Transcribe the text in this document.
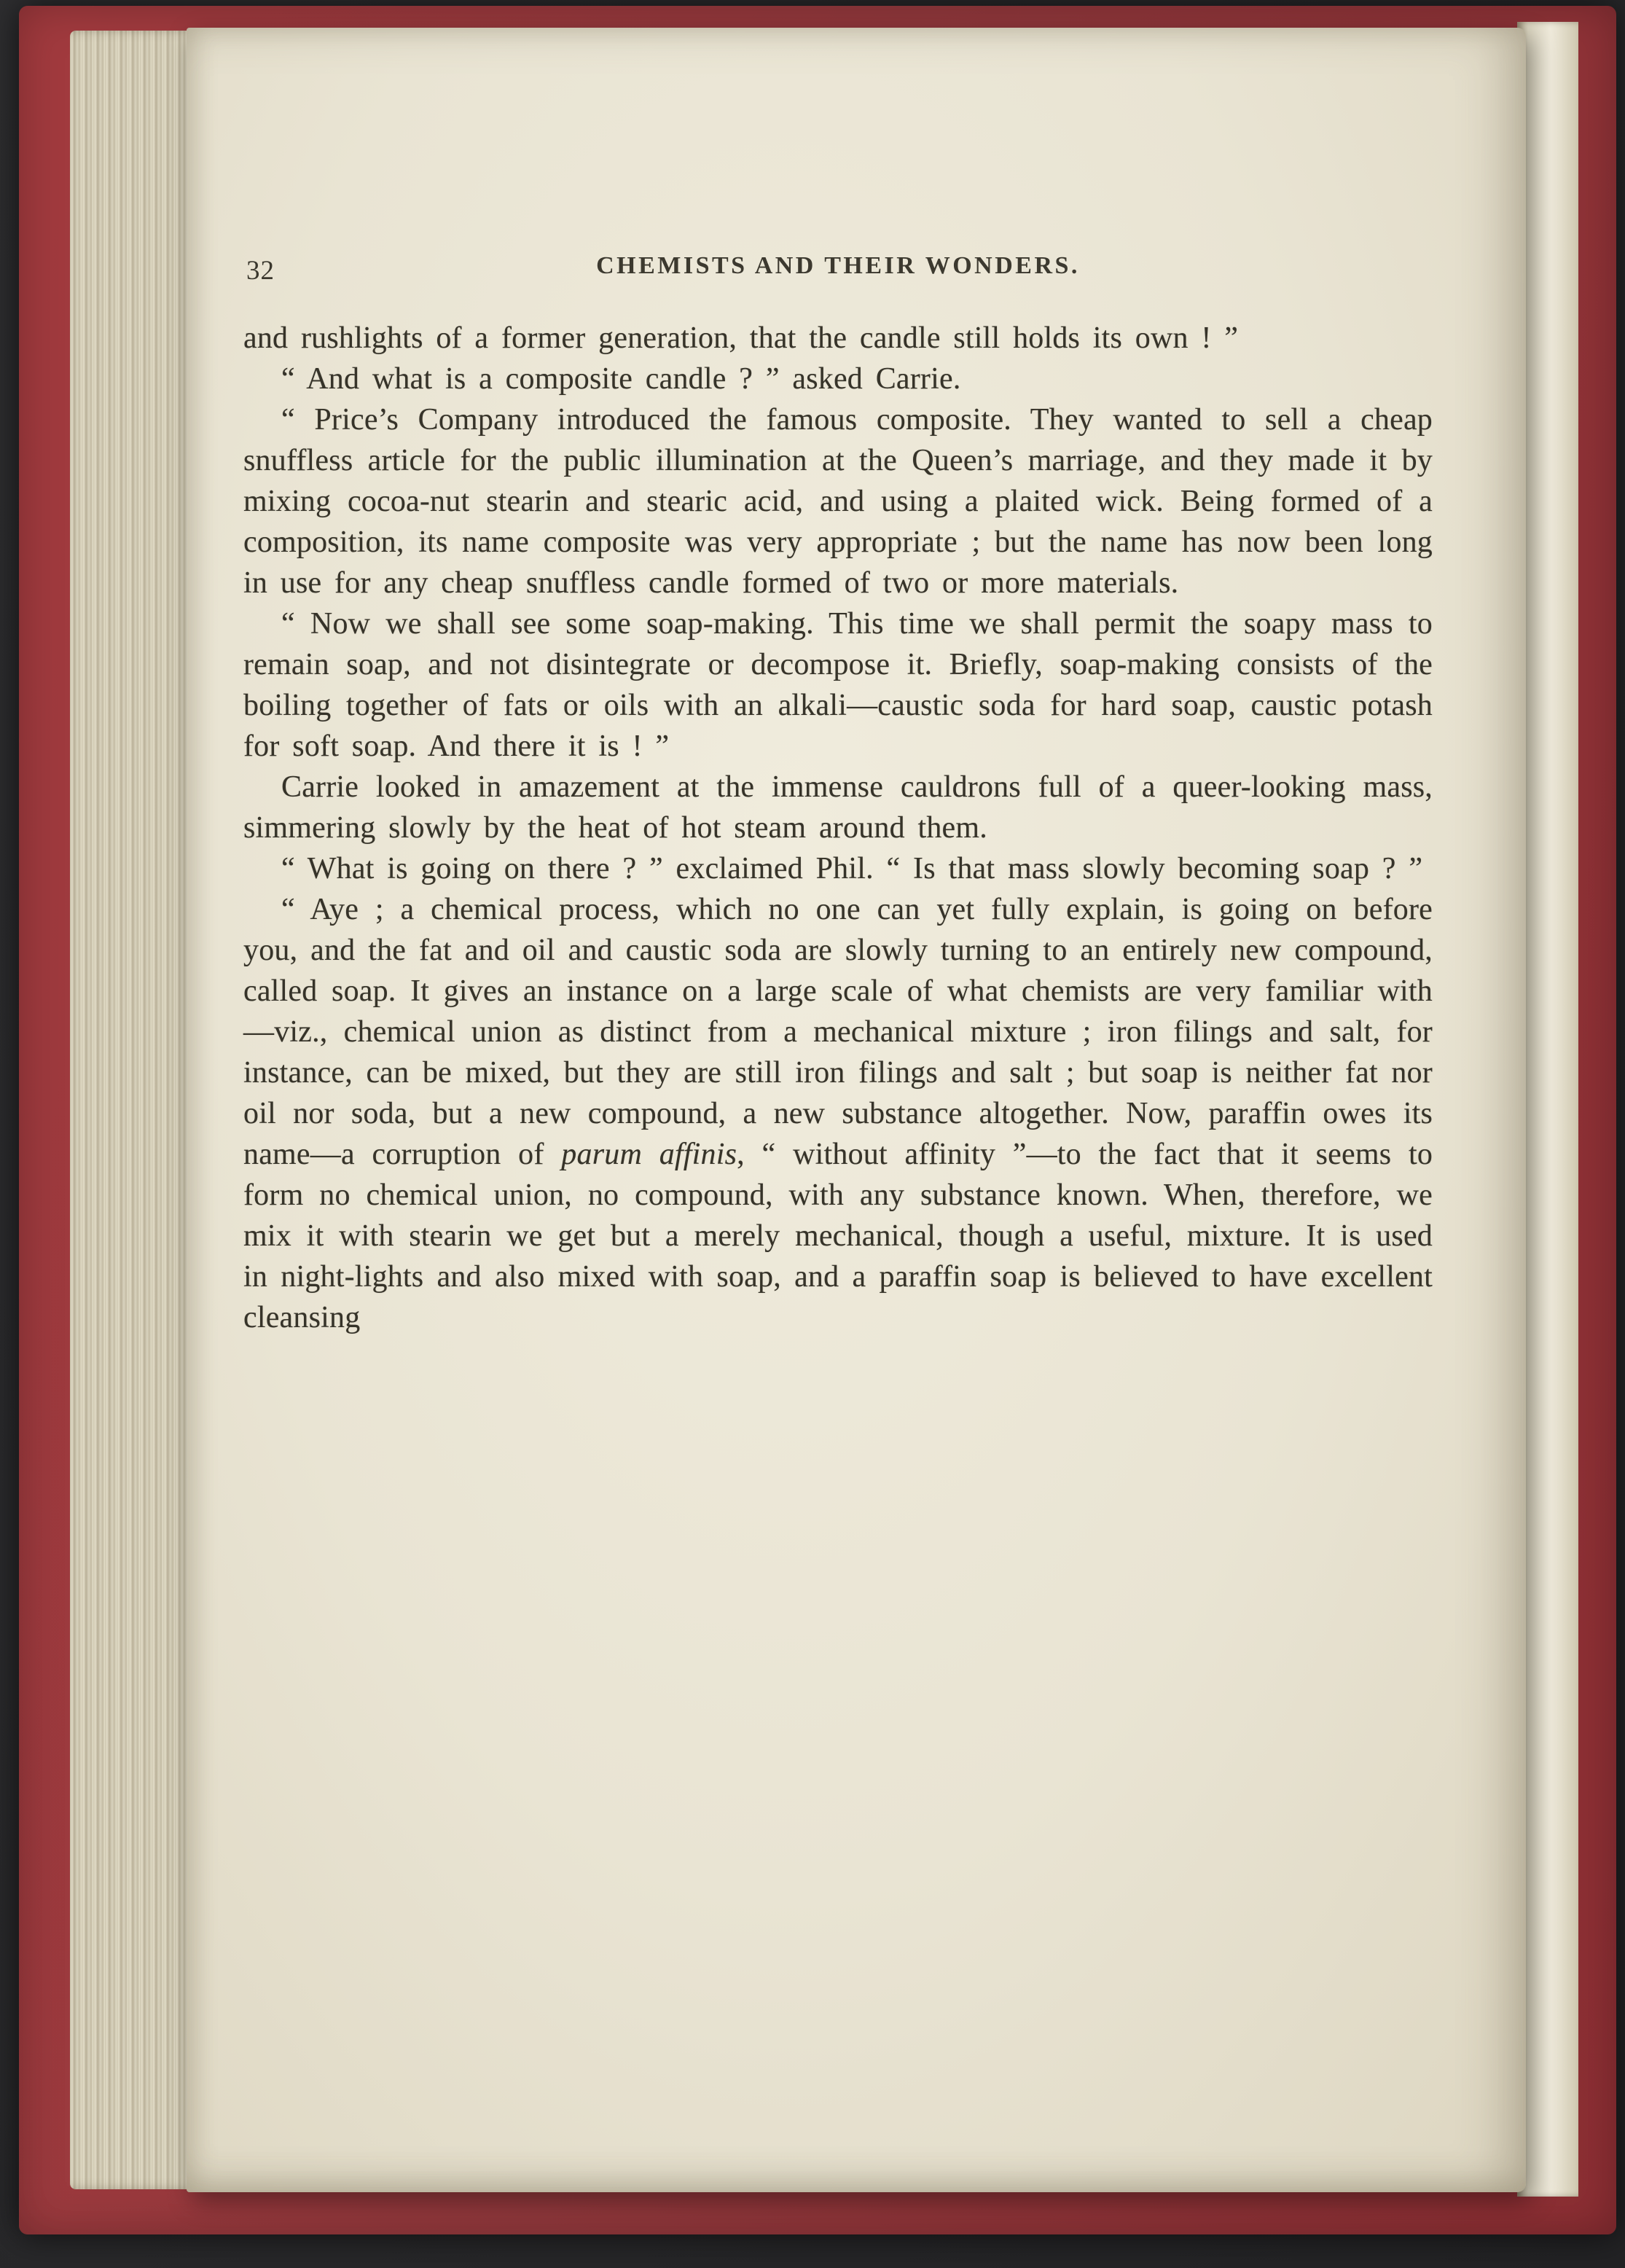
32	CHEMISTS AND THEIR WONDERS.

and rushlights of a former generation, that the candle still holds its own ! ”

“ And what is a composite candle ? ” asked Carrie.

“ Price’s Company introduced the famous composite. They wanted to sell a cheap snuffless article for the public illumination at the Queen’s marriage, and they made it by mixing cocoa-nut stearin and stearic acid, and using a plaited wick. Being formed of a composition, its name composite was very appropriate ; but the name has now been long in use for any cheap snuffless candle formed of two or more materials.

“ Now we shall see some soap-making. This time we shall permit the soapy mass to remain soap, and not disintegrate or decompose it. Briefly, soap-making consists of the boiling together of fats or oils with an alkali—caustic soda for hard soap, caustic potash for soft soap. And there it is ! ”

Carrie looked in amazement at the immense cauldrons full of a queer-looking mass, simmering slowly by the heat of hot steam around them.

“ What is going on there ? ” exclaimed Phil. “ Is that mass slowly becoming soap ? ”

“ Aye ; a chemical process, which no one can yet fully explain, is going on before you, and the fat and oil and caustic soda are slowly turning to an entirely new compound, called soap. It gives an instance on a large scale of what chemists are very familiar with—viz., chemical union as distinct from a mechanical mixture ; iron filings and salt, for instance, can be mixed, but they are still iron filings and salt ; but soap is neither fat nor oil nor soda, but a new compound, a new substance altogether. Now, paraffin owes its name—a corruption of parum affinis, “ without affinity ”—to the fact that it seems to form no chemical union, no compound, with any substance known. When, therefore, we mix it with stearin we get but a merely mechanical, though a useful, mixture. It is used in night-lights and also mixed with soap, and a paraffin soap is believed to have excellent cleansing
